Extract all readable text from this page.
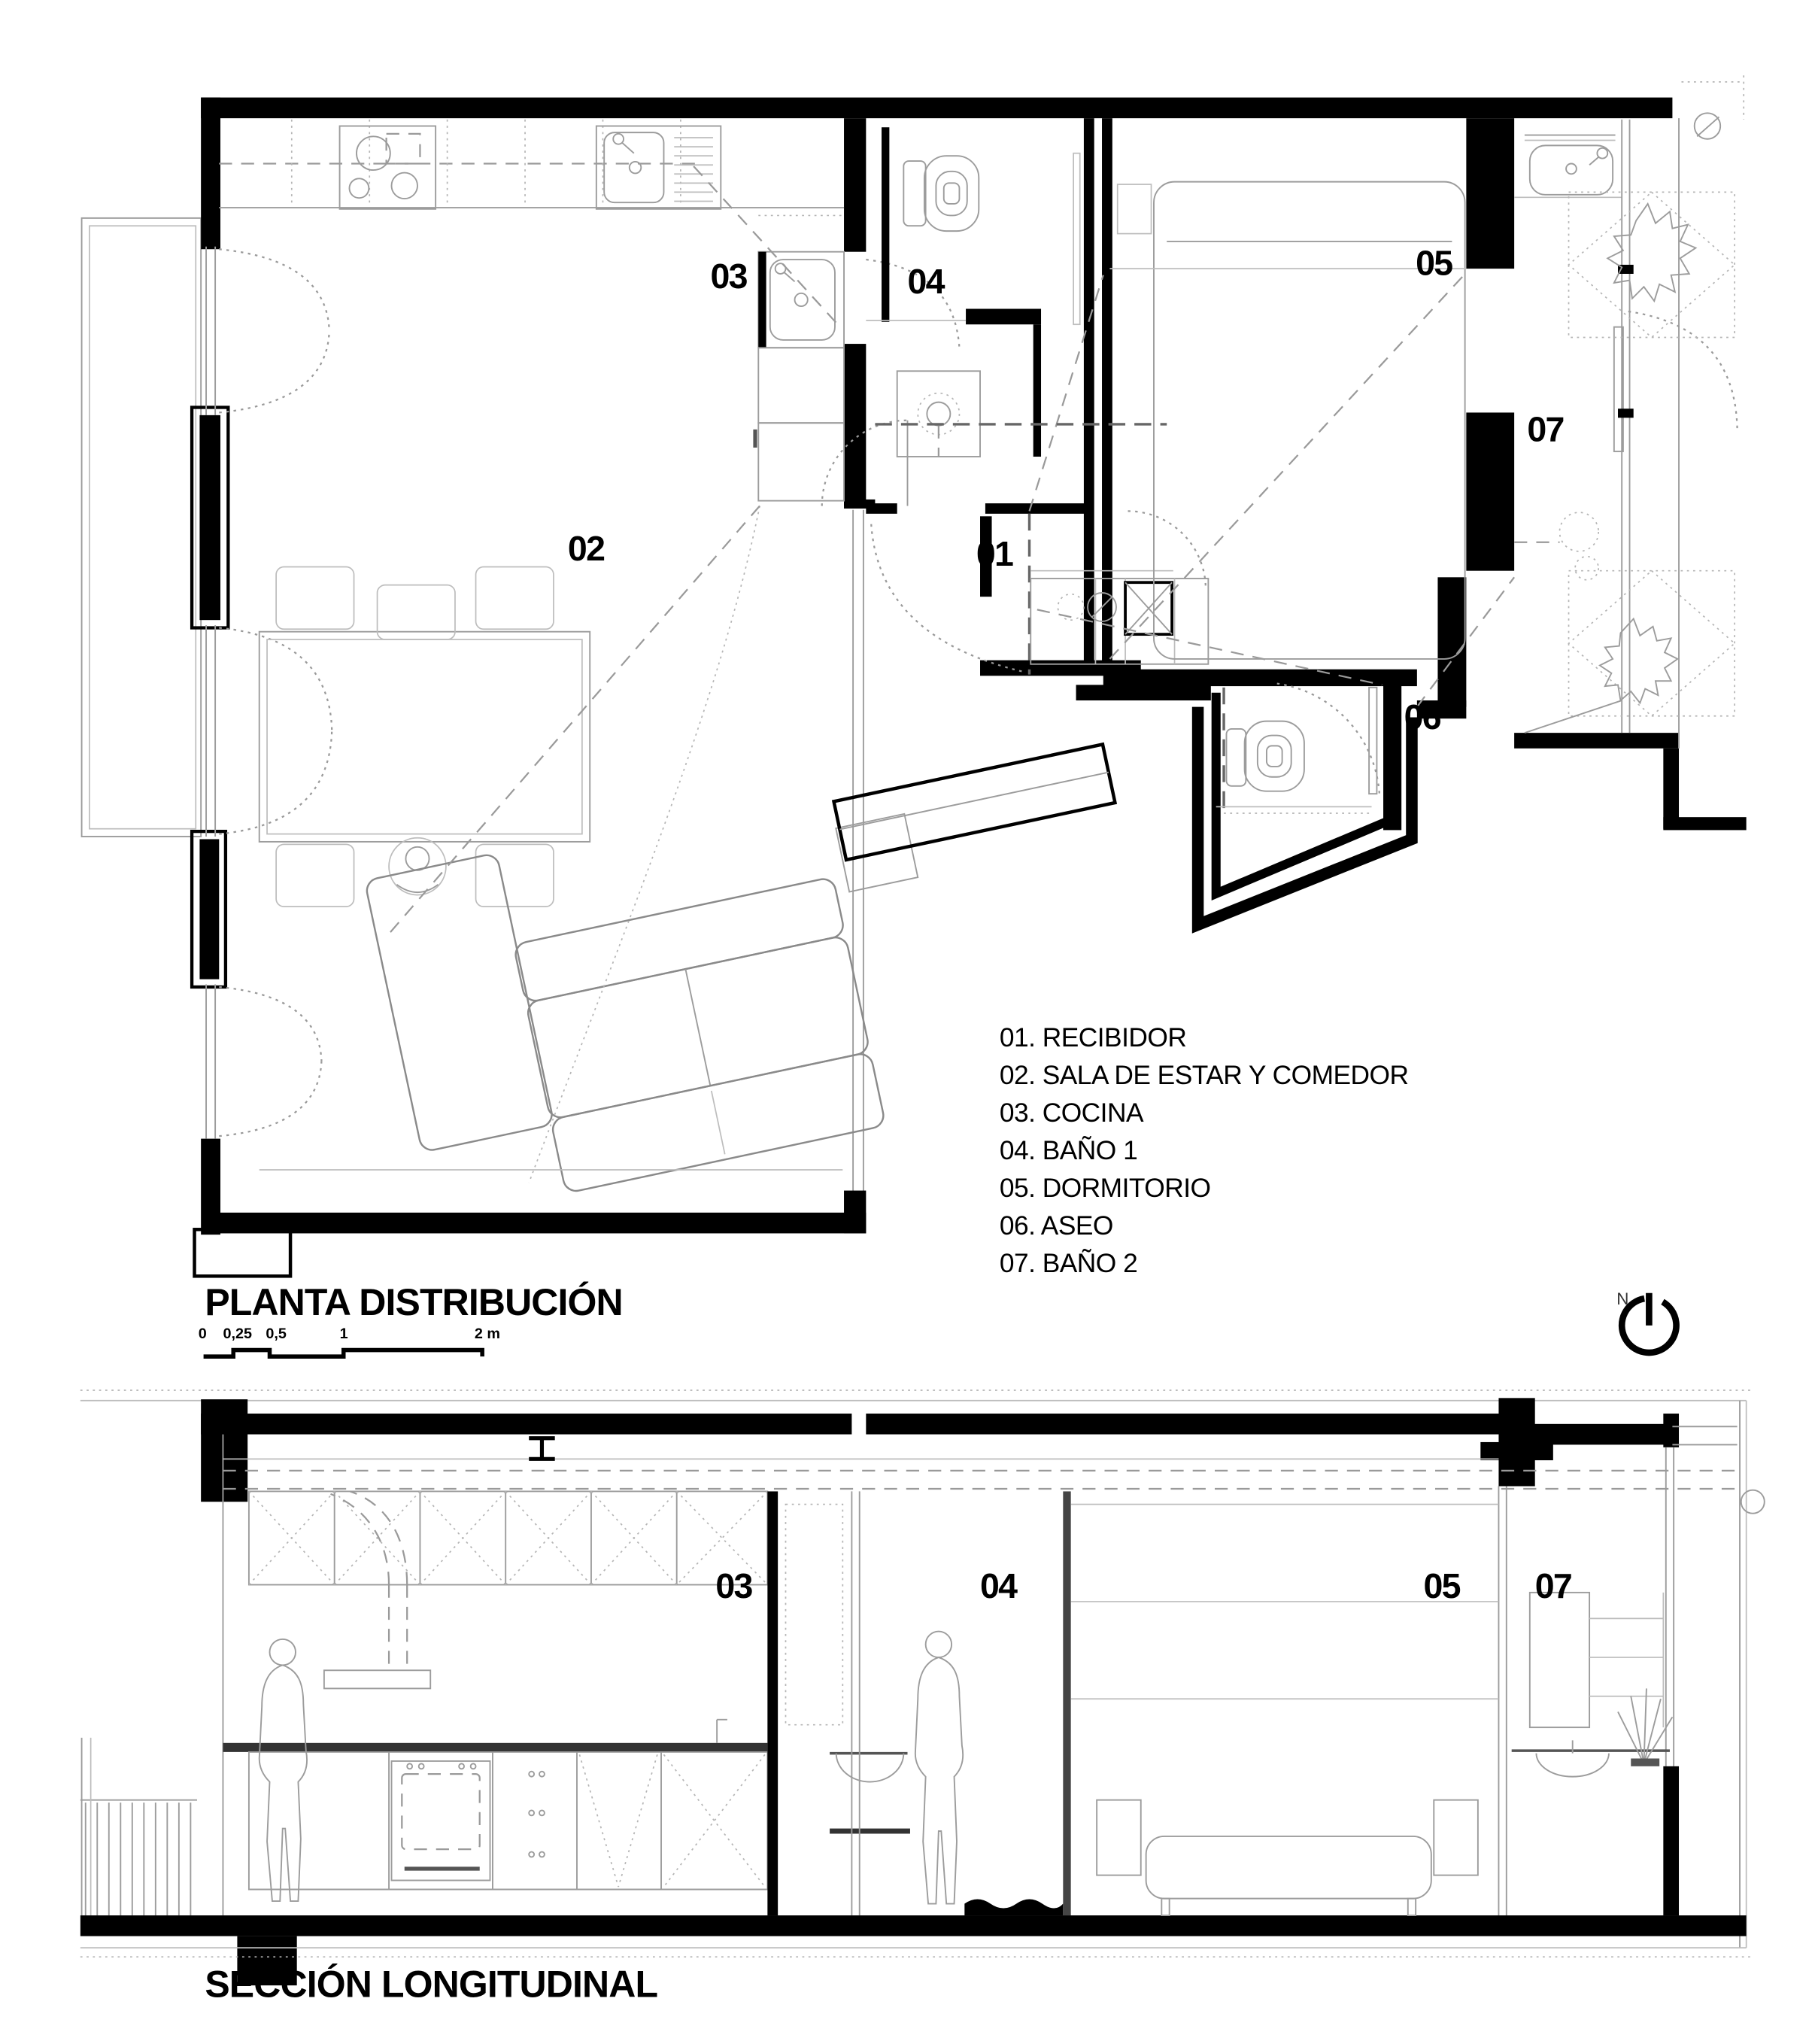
03	04	05
07
02	01
06
01. RECIBIDOR
02. SALA DE ESTAR Y COMEDOR
03. COCINA
04. BAÑO 1
05. DORMITORIO
06. ASEO
07. BAÑO 2
PLANTA DISTRIBUCIÓN
0 0,25 0,5	1	2 m
N
03	04	05	07
SECCIÓN LONGITUDINAL
